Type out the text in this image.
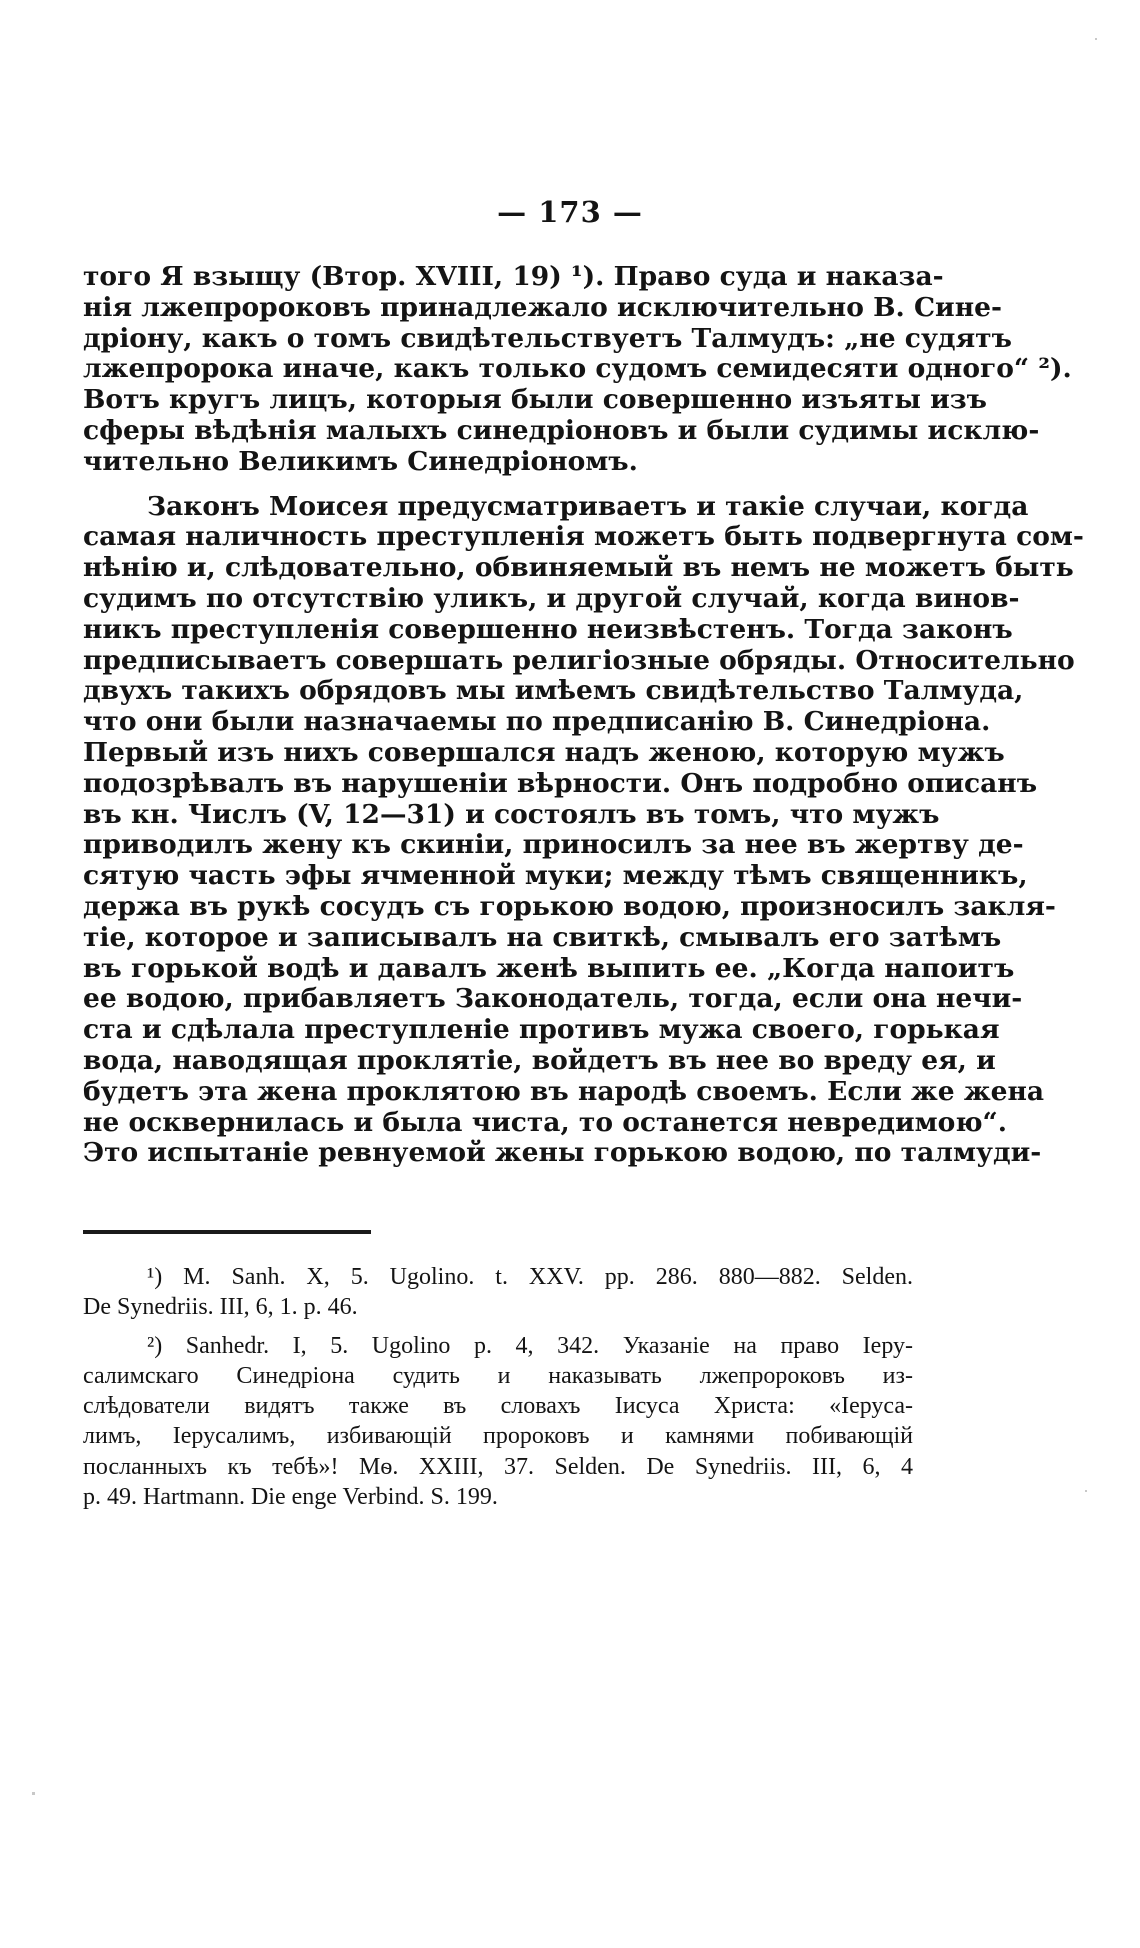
— 173 —
того Я взыщу (Втор. XVIII, 19) ¹). Право суда и наказа-
нія лжепророковъ принадлежало исключительно В. Сине-
дріону, какъ о томъ свидѣтельствуетъ Талмудъ: „не судятъ
лжепророка иначе, какъ только судомъ семидесяти одного“ ²).
Вотъ кругъ лицъ, которыя были совершенно изъяты изъ
сферы вѣдѣнія малыхъ синедріоновъ и были судимы исклю-
чительно Великимъ Синедріономъ.
Законъ Моисея предусматриваетъ и такіе случаи, когда
самая наличность преступленія можетъ быть подвергнута сом-
нѣнію и, слѣдовательно, обвиняемый въ немъ не можетъ быть
судимъ по отсутствію уликъ, и другой случай, когда винов-
никъ преступленія совершенно неизвѣстенъ. Тогда законъ
предписываетъ совершать религіозные обряды. Относительно
двухъ такихъ обрядовъ мы имѣемъ свидѣтельство Талмуда,
что они были назначаемы по предписанію В. Синедріона.
Первый изъ нихъ совершался надъ женою, которую мужъ
подозрѣвалъ въ нарушеніи вѣрности. Онъ подробно описанъ
въ кн. Числъ (V, 12—31) и состоялъ въ томъ, что мужъ
приводилъ жену къ скиніи, приносилъ за нее въ жертву де-
сятую часть эфы ячменной муки; между тѣмъ священникъ,
держа въ рукѣ сосудъ съ горькою водою, произносилъ закля-
тіе, которое и записывалъ на свиткѣ, смывалъ его затѣмъ
въ горькой водѣ и давалъ женѣ выпить ее. „Когда напоитъ
ее водою, прибавляетъ Законодатель, тогда, если она нечи-
ста и сдѣлала преступленіе противъ мужа своего, горькая
вода, наводящая проклятіе, войдетъ въ нее во вреду ея, и
будетъ эта жена проклятою въ народѣ своемъ. Если же жена
не осквернилась и была чиста, то останется невредимою“.
Это испытаніе ревнуемой жены горькою водою, по талмуди-
¹) M. Sanh. X, 5. Ugolino. t. XXV. pp. 286. 880—882. Selden.
De Synedriis. III, 6, 1. p. 46.
²) Sanhedr. I, 5. Ugolino p. 4, 342. Указаніе на право Іеру-
салимскаго Синедріона судить и наказывать лжепророковъ из-
слѣдователи видятъ также въ словахъ Іисуса Христа: «Іеруса-
лимъ, Іерусалимъ, избивающій пророковъ и камнями побивающій
посланныхъ къ тебѣ»! Мѳ. XXIII, 37. Selden. De Synedriis. III, 6, 4
p. 49. Hartmann. Die enge Verbind. S. 199.
